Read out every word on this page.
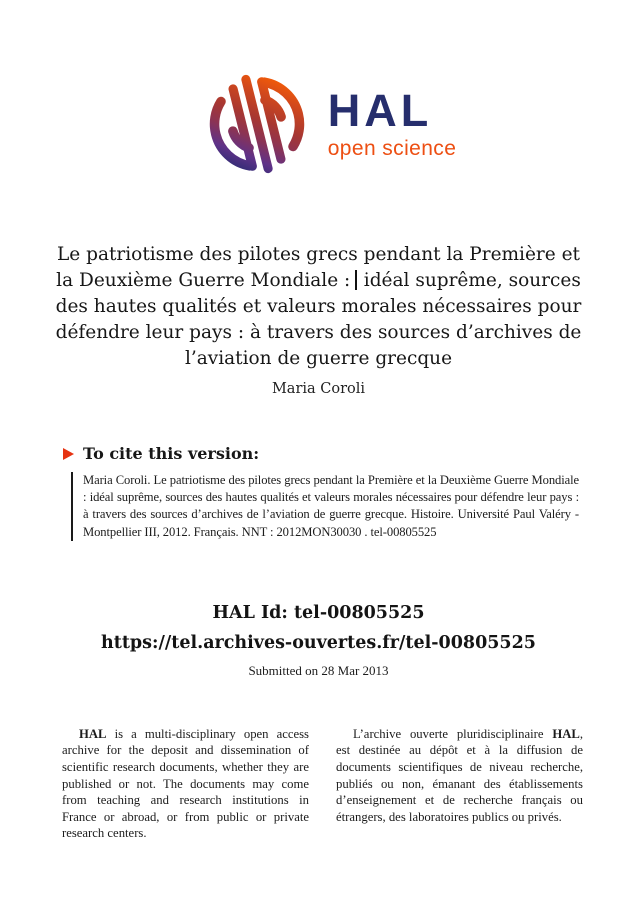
HAL
open science
Le patriotisme des pilotes grecs pendant la Première et
la Deuxième Guerre Mondiale : idéal suprême, sources
des hautes qualités et valeurs morales nécessaires pour
défendre leur pays : à travers des sources d’archives de
l’aviation de guerre grecque
Maria Coroli
To cite this version:
Maria Coroli. Le patriotisme des pilotes grecs pendant la Première et la Deuxième Guerre Mondiale : idéal suprême, sources des hautes qualités et valeurs morales nécessaires pour défendre leur pays : à travers des sources d’archives de l’aviation de guerre grecque. Histoire. Université Paul Valéry - Montpellier III, 2012. Français. NNT : 2012MON30030 . tel-00805525
HAL Id: tel-00805525
https://tel.archives-ouvertes.fr/tel-00805525
Submitted on 28 Mar 2013

HAL is a multi-disciplinary open access archive for the deposit and dissemination of scientific research documents, whether they are published or not. The documents may come from teaching and research institutions in France or abroad, or from public or private research centers.

L’archive ouverte pluridisciplinaire HAL, est destinée au dépôt et à la diffusion de documents scientifiques de niveau recherche, publiés ou non, émanant des établissements d’enseignement et de recherche français ou étrangers, des laboratoires publics ou privés.
